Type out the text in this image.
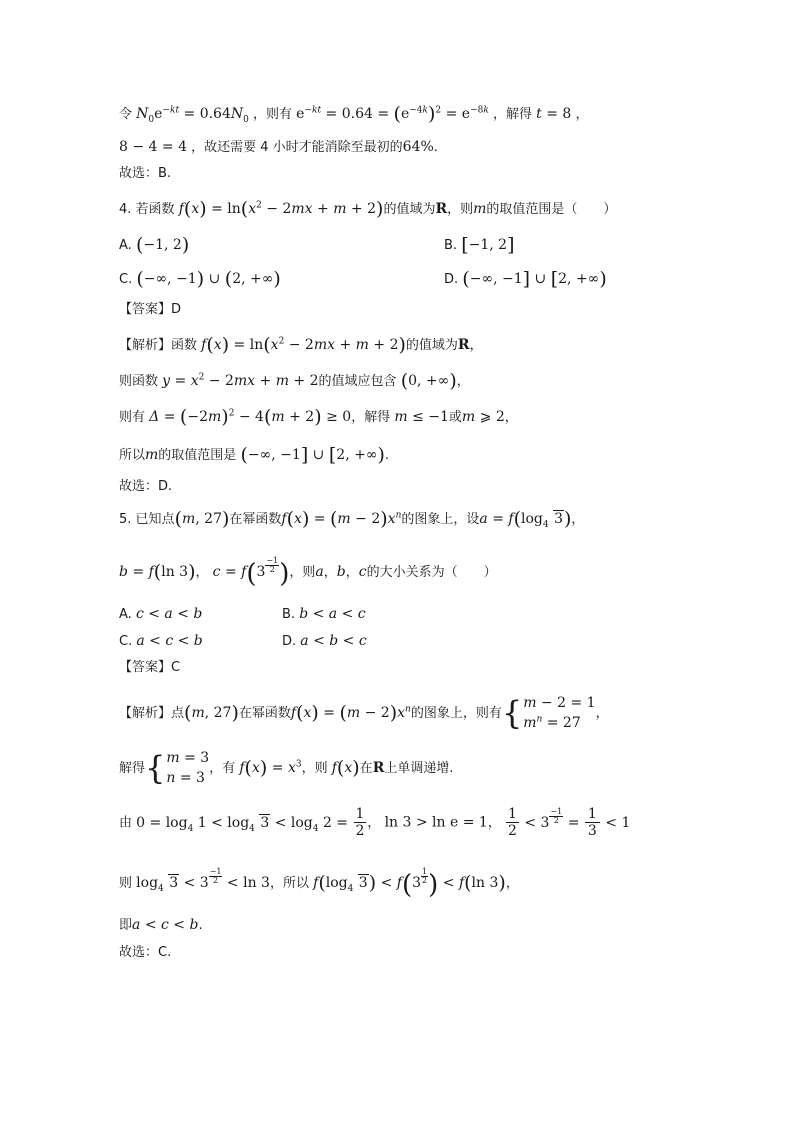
令 $N_0e^{-kt} = 0.64N_0$ ，则有 $e^{-kt} = 0.64 = (e^{-4k})^2 = e^{-8k}$ ，解得 t = 8 ，
8 − 4 = 4 ，故还需要 4 小时才能消除至最初的64%.
故选：B.
4. 若函数 $f(x) = \ln(x^2 - 2mx + m + 2)$的值域为R，则m的取值范围是（　　）
A. (−1, 2)	B. [−1, 2]
C. (−∞, −1) ∪ (2, +∞)	D. (−∞, −1] ∪ [2, +∞)
【答案】D
【解析】函数 $f(x) = \ln(x^2 - 2mx + m + 2)$的值域为R，
则函数 $y = x^2 - 2mx + m + 2$的值域应包含 (0, +∞)，
则有 $\Delta = (-2m)^2 - 4(m + 2) \ge 0$，解得 m ≤ −1或m ⩾ 2，
所以m的取值范围是 (−∞, −1] ∪ [2, +∞).
故选：D.
5. 已知点(m, 27)在幂函数$f(x) = (m - 2)x^n$的图象上，设$a = f(\log_4$ 3)，
b = f(ln 3)， $c = f(3 \frac{-1}{2}$ )，则a，b，c的大小关系为（　　）
A. c < a < b	B. b < a < c
C. a < c < b	D. a < b < c
【答案】C
【解析】点(m, 27)在幂函数$f(x) = (m - 2)x^n$的图象上，则有 { m − 2 = 1
$m^n = 27$
，
解得 { m = 3
n = 3
，有 $f(x) = x^3$，则 f(x)在R上单调递增.
由 $0 = \log_4 1 < \log_4 3 < \log_4 2 = \frac{1}{2}$ ， ln 3 > ln e = 1， $\frac{1}{2} < 3 \frac{-1}{2} = \frac{1}{3} < 1$
则 $\log_4 3 < 3 \frac{-1}{2} < \ln 3$，所以 $f(\log_4$ $3) < f(3 \frac{1}{2}$ ) < f(ln 3)，
即a < c < b.
故选：C.
